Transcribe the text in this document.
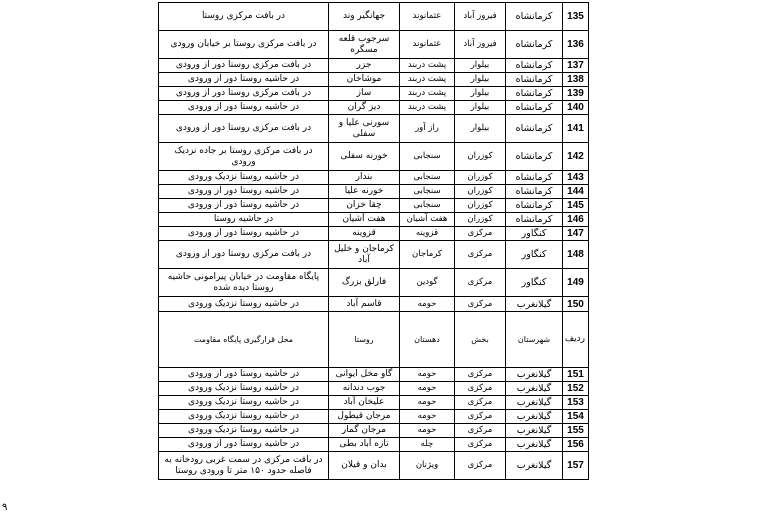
135	کرمانشاه	فیروز آباد	عثمانوند	جهانگیر وند	در بافت مرکزی روستا
136	کرمانشاه	فیروز آباد	عثمانوند	سرجوب قلعه مسگره	در بافت مرکزی روستا بر خیابان ورودی
137	کرمانشاه	بیلوار	پشت دربند	جزر	در بافت مرکزی روستا دور از ورودی
138	کرمانشاه	بیلوار	پشت دربند	موشاخان	در حاشیه روستا دور از ورودی
139	کرمانشاه	بیلوار	پشت دربند	ساز	در بافت مرکزی روستا دور از ورودی
140	کرمانشاه	بیلوار	پشت دربند	دیز گران	در حاشیه روستا دور از ورودی
141	کرمانشاه	بیلوار	راز آور	سورنی علیا و سفلی	در بافت مرکزی روستا دور از ورودی
142	کرمانشاه	کوزران	سنجابی	خورنه سفلی	در بافت مرکزی روستا بر جاده نزدیک ورودی
143	کرمانشاه	کوزران	سنجابی	بندار	در حاشیه روستا نزدیک ورودی
144	کرمانشاه	کوزران	سنجابی	خورنه علیا	در حاشیه روستا دور از ورودی
145	کرمانشاه	کوزران	سنجابی	چقا خزان	در حاشیه روستا دور از ورودی
146	کرمانشاه	کوزران	هفت آشیان	هفت آشیان	در حاشیه روستا
147	کنگاور	مرکزی	قزوینه	قزوینه	در حاشیه روستا دور از ورودی
148	کنگاور	مرکزی	کرماجان	کرماجان و خلیل آباد	در بافت مرکزی روستا دور از ورودی
149	کنگاور	مرکزی	گودین	فارلق بزرگ	پایگاه مقاومت در خیابان پیرامونی حاشیه روستا دیده شده
150	گیلانغرب	مرکزی	حومه	قاسم آباد	در حاشیه روستا نزدیک ورودی
ردیف	شهرستان	بخش	دهستان	روستا	محل قرارگیری پایگاه مقاومت
151	گیلانغرب	مرکزی	حومه	گاو مخل ایوانی	در حاشیه روستا دور از ورودی
152	گیلانغرب	مرکزی	حومه	جوب دندانه	در حاشیه روستا نزدیک ورودی
153	گیلانغرب	مرکزی	حومه	علیخان آباد	در حاشیه روستا نزدیک ورودی
154	گیلانغرب	مرکزی	حومه	مرجان قیطول	در حاشیه روستا نزدیک ورودی
155	گیلانغرب	مرکزی	حومه	مرجان گمار	در حاشیه روستا نزدیک ورودی
156	گیلانغرب	مرکزی	چله	تازه آباد بطی	در حاشیه روستا دور از ورودی
157	گیلانغرب	مرکزی	ویژنان	بدان و قیلان	در بافت مرکزی در سمت غربی رودخانه به فاصله حدود ۱۵۰ متر تا ورودی روستا
۹
